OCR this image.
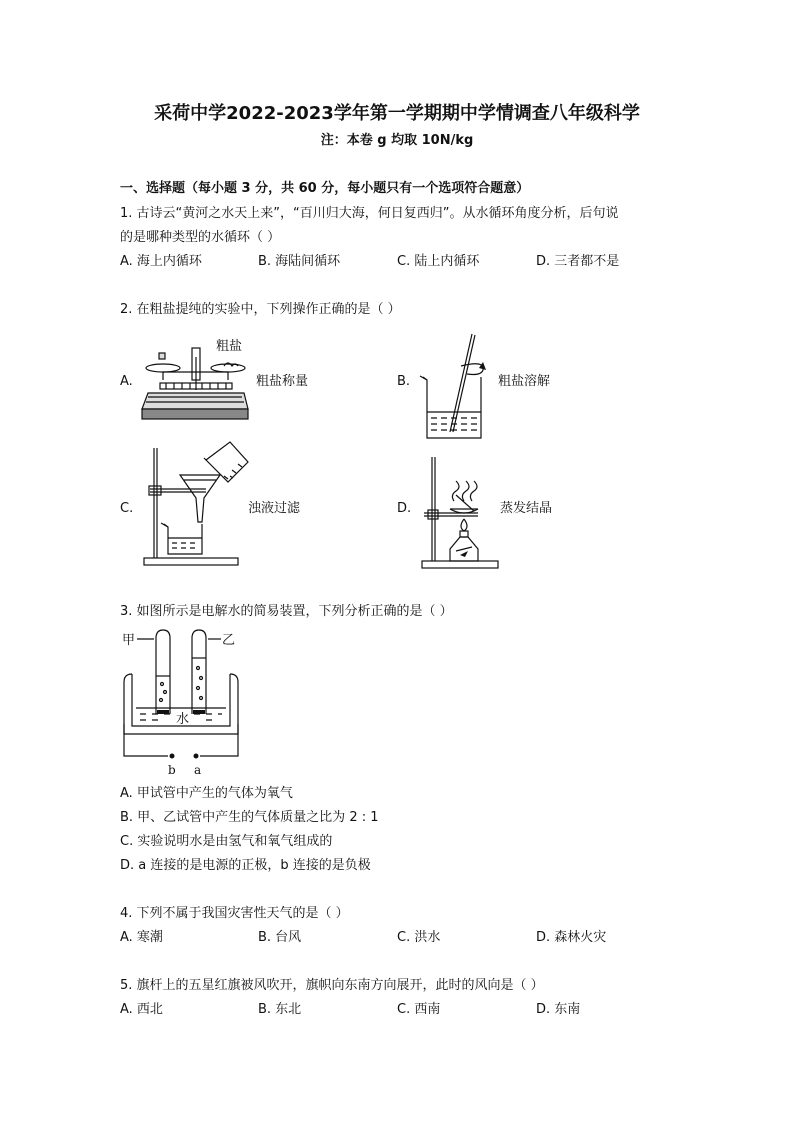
采荷中学2022-2023学年第一学期期中学情调查八年级科学
注：本卷 g 均取 10N/kg
一、选择题（每小题 3 分，共 60 分，每小题只有一个选项符合题意）
1. 古诗云“黄河之水天上来”，“百川归大海，何日复西归”。从水循环角度分析，后句说
的是哪种类型的水循环（ ）
A. 海上内循环	B. 海陆间循环	C. 陆上内循环	D. 三者都不是
2. 在粗盐提纯的实验中，下列操作正确的是（ ）
A.
粗盐
粗盐称量	B.	粗盐溶解
C.	浊液过滤	D.	蒸发结晶
3. 如图所示是电解水的简易装置，下列分析正确的是（ ）
甲	乙
水
b a
A. 甲试管中产生的气体为氧气
B. 甲、乙试管中产生的气体质量之比为 2 : 1
C. 实验说明水是由氢气和氧气组成的
D. a 连接的是电源的正极，b 连接的是负极
4. 下列不属于我国灾害性天气的是（ ）
A. 寒潮	B. 台风	C. 洪水	D. 森林火灾
5. 旗杆上的五星红旗被风吹开，旗帜向东南方向展开，此时的风向是（ ）
A. 西北	B. 东北	C. 西南	D. 东南
